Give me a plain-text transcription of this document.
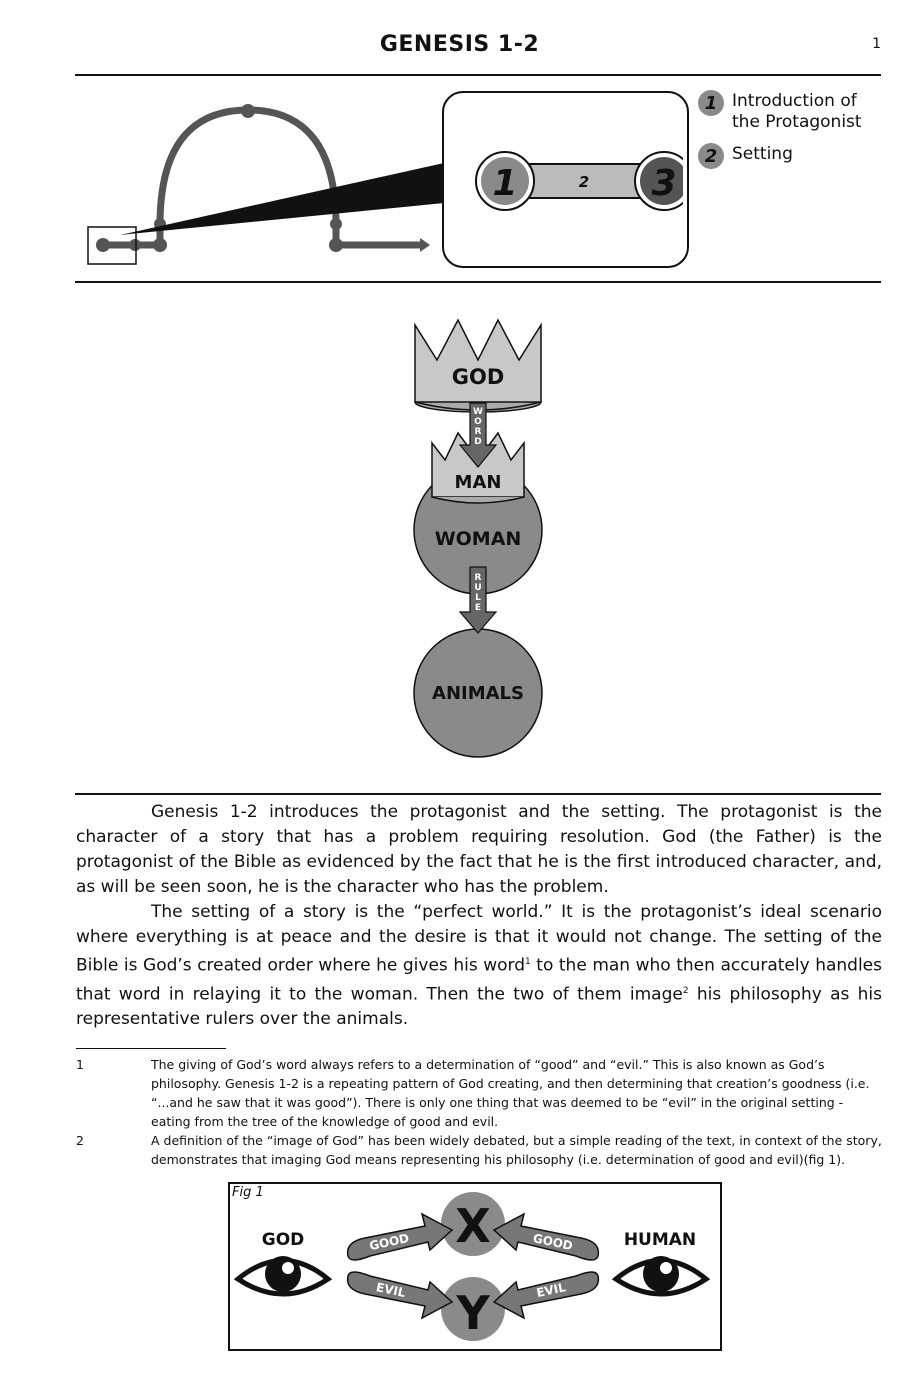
GENESIS 1-2	1
1	2 3
1 Introduction of the Protagonist
2 Setting
GOD
WOMAN
MAN
W
O
R
D
ANIMALS
R
U
L
E

Genesis 1-2 introduces the protagonist and the setting. The protagonist is the character of a story that has a problem requiring resolution. God (the Father) is the protagonist of the Bible as evidenced by the fact that he is the first introduced character, and, as will be seen soon, he is the character who has the problem.

The setting of a story is the “perfect world.” It is the protagonist’s ideal scenario where everything is at peace and the desire is that it would not change. The setting of the Bible is God’s created order where he gives his word$^1$ to the man who then accurately handles that word in relaying it to the woman. Then the two of them image$^2$ his philosophy as his representative rulers over the animals.

1	The giving of God’s word always refers to a determination of “good” and “evil.” This is also known as God’s philosophy. Genesis 1-2 is a repeating pattern of God creating, and then determining that creation’s goodness (i.e. “...and he saw that it was good”). There is only one thing that was deemed to be “evil” in the original setting - eating from the tree of the knowledge of good and evil.
2	A definition of the “image of God” has been widely debated, but a simple reading of the text, in context of the story, demonstrates that imaging God means representing his philosophy (i.e. determination of good and evil)(fig 1).
Fig 1
X
Y
GOD	HUMAN
GOOD	GOOD
EVIL	EVIL
